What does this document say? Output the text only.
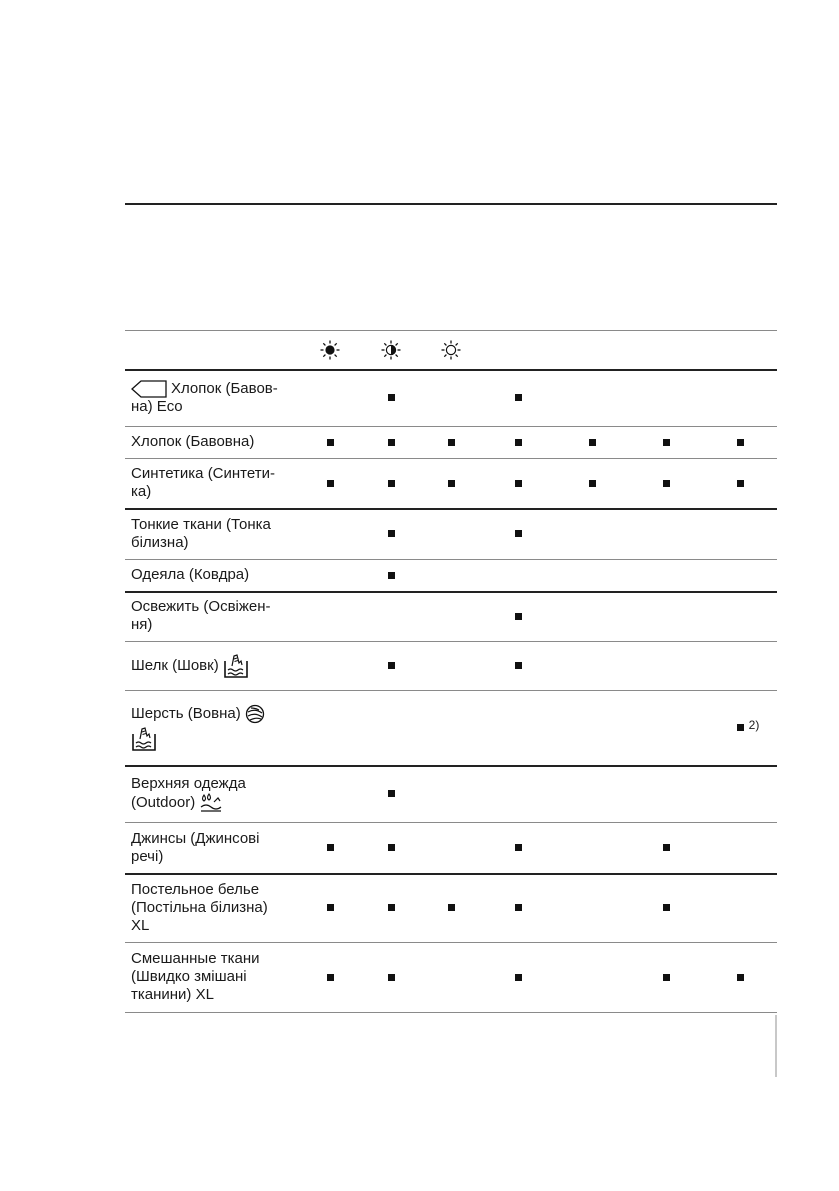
Хлопок (Бавов-
на) Eco
Хлопок (Бавовна)
Синтетика (Синтети-
ка)
Тонкие ткани (Тонка
білизна)
Одеяла (Ковдра)
Освежить (Освіжен-
ня)
Шелк (Шовк)
Шерсть (Вовна)
2)
Верхняя одежда
(Outdoor)
Джинсы (Джинсові
речі)
Постельное белье
(Постільна білизна)
XL
Смешанные ткани
(Швидко змішані
тканини) XL
